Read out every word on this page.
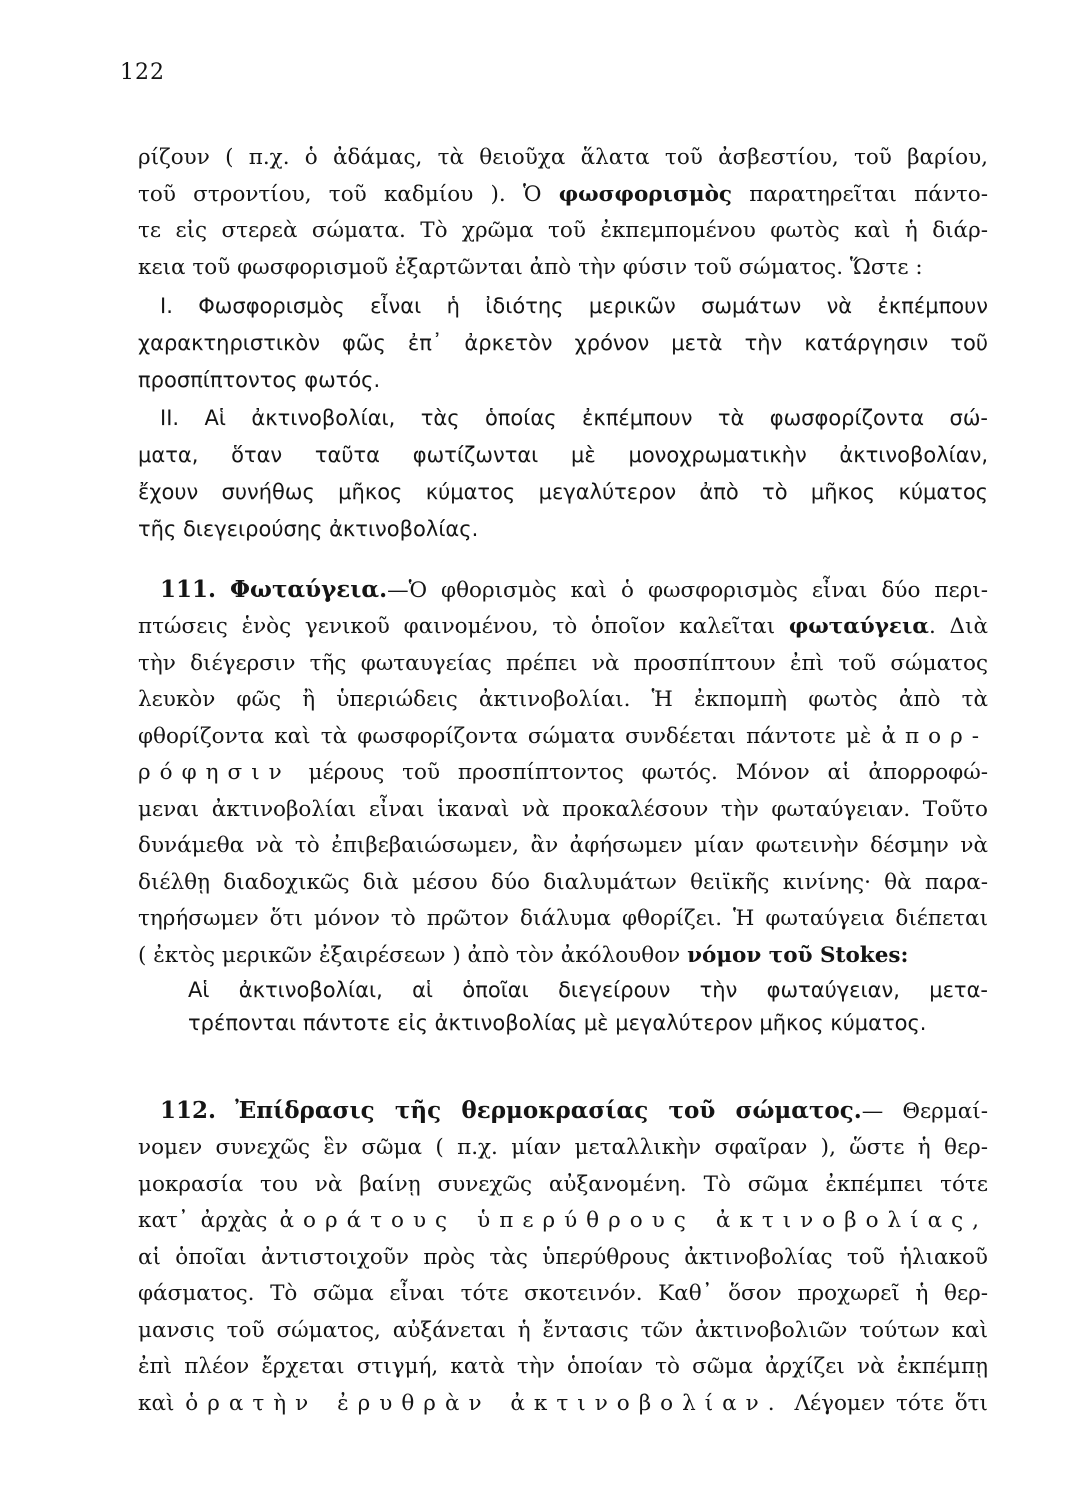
122
ρίζουν ( π.χ. ὁ ἀδάμας, τὰ θειοῦχα ἅλατα τοῦ ἀσβεστίου, τοῦ βαρίου,
τοῦ στροντίου, τοῦ καδμίου ). Ὁ φωσφορισμὸς παρατηρεῖται πάντο-
τε εἰς στερεὰ σώματα. Τὸ χρῶμα τοῦ ἐκπεμπομένου φωτὸς καὶ ἡ διάρ-
κεια τοῦ φωσφορισμοῦ ἐξαρτῶνται ἀπὸ τὴν φύσιν τοῦ σώματος. Ὥστε :
Ι. Φωσφορισμὸς εἶναι ἡ ἰδιότης μερικῶν σωμάτων νὰ ἐκπέμπουν
χαρακτηριστικὸν φῶς ἐπ᾽ ἀρκετὸν χρόνον μετὰ τὴν κατάργησιν τοῦ
προσπίπτοντος φωτός.
ΙΙ. Αἱ ἀκτινοβολίαι, τὰς ὁποίας ἐκπέμπουν τὰ φωσφορίζοντα σώ-
ματα, ὅταν ταῦτα φωτίζωνται μὲ μονοχρωματικὴν ἀκτινοβολίαν,
ἔχουν συνήθως μῆκος κύματος μεγαλύτερον ἀπὸ τὸ μῆκος κύματος
τῆς διεγειρούσης ἀκτινοβολίας.
111. Φωταύγεια.—Ὁ φθορισμὸς καὶ ὁ φωσφορισμὸς εἶναι δύο περι-
πτώσεις ἑνὸς γενικοῦ φαινομένου, τὸ ὁποῖον καλεῖται φωταύγεια. Διὰ
τὴν διέγερσιν τῆς φωταυγείας πρέπει νὰ προσπίπτουν ἐπὶ τοῦ σώματος
λευκὸν φῶς ἢ ὑπεριώδεις ἀκτινοβολίαι. Ἡ ἐκπομπὴ φωτὸς ἀπὸ τὰ
φθορίζοντα καὶ τὰ φωσφορίζοντα σώματα συνδέεται πάντοτε μὲ ἀπορ-
ρόφησιν μέρους τοῦ προσπίπτοντος φωτός. Μόνον αἱ ἀπορροφώ-
μεναι ἀκτινοβολίαι εἶναι ἱκαναὶ νὰ προκαλέσουν τὴν φωταύγειαν. Τοῦτο
δυνάμεθα νὰ τὸ ἐπιβεβαιώσωμεν, ἂν ἀφήσωμεν μίαν φωτεινὴν δέσμην νὰ
διέλθῃ διαδοχικῶς διὰ μέσου δύο διαλυμάτων θειϊκῆς κινίνης· θὰ παρα-
τηρήσωμεν ὅτι μόνον τὸ πρῶτον διάλυμα φθορίζει. Ἡ φωταύγεια διέπεται
( ἐκτὸς μερικῶν ἐξαιρέσεων ) ἀπὸ τὸν ἀκόλουθον νόμον τοῦ Stokes:
Αἱ ἀκτινοβολίαι, αἱ ὁποῖαι διεγείρουν τὴν φωταύγειαν, μετα-
τρέπονται πάντοτε εἰς ἀκτινοβολίας μὲ μεγαλύτερον μῆκος κύματος.
112. Ἐπίδρασις τῆς θερμοκρασίας τοῦ σώματος.— Θερμαί-
νομεν συνεχῶς ἓν σῶμα ( π.χ. μίαν μεταλλικὴν σφαῖραν ), ὥστε ἡ θερ-
μοκρασία του νὰ βαίνῃ συνεχῶς αὐξανομένη. Τὸ σῶμα ἐκπέμπει τότε
κατ᾽ ἀρχὰς ἀοράτους ὑπερύθρους ἀκτινοβολίας,
αἱ ὁποῖαι ἀντιστοιχοῦν πρὸς τὰς ὑπερύθρους ἀκτινοβολίας τοῦ ἡλιακοῦ
φάσματος. Τὸ σῶμα εἶναι τότε σκοτεινόν. Καθ᾽ ὅσον προχωρεῖ ἡ θερ-
μανσις τοῦ σώματος, αὐξάνεται ἡ ἔντασις τῶν ἀκτινοβολιῶν τούτων καὶ
ἐπὶ πλέον ἔρχεται στιγμή, κατὰ τὴν ὁποίαν τὸ σῶμα ἀρχίζει νὰ ἐκπέμπῃ
καὶ ὁρατὴν ἐρυθρὰν ἀκτινοβολίαν. Λέγομεν τότε ὅτι
